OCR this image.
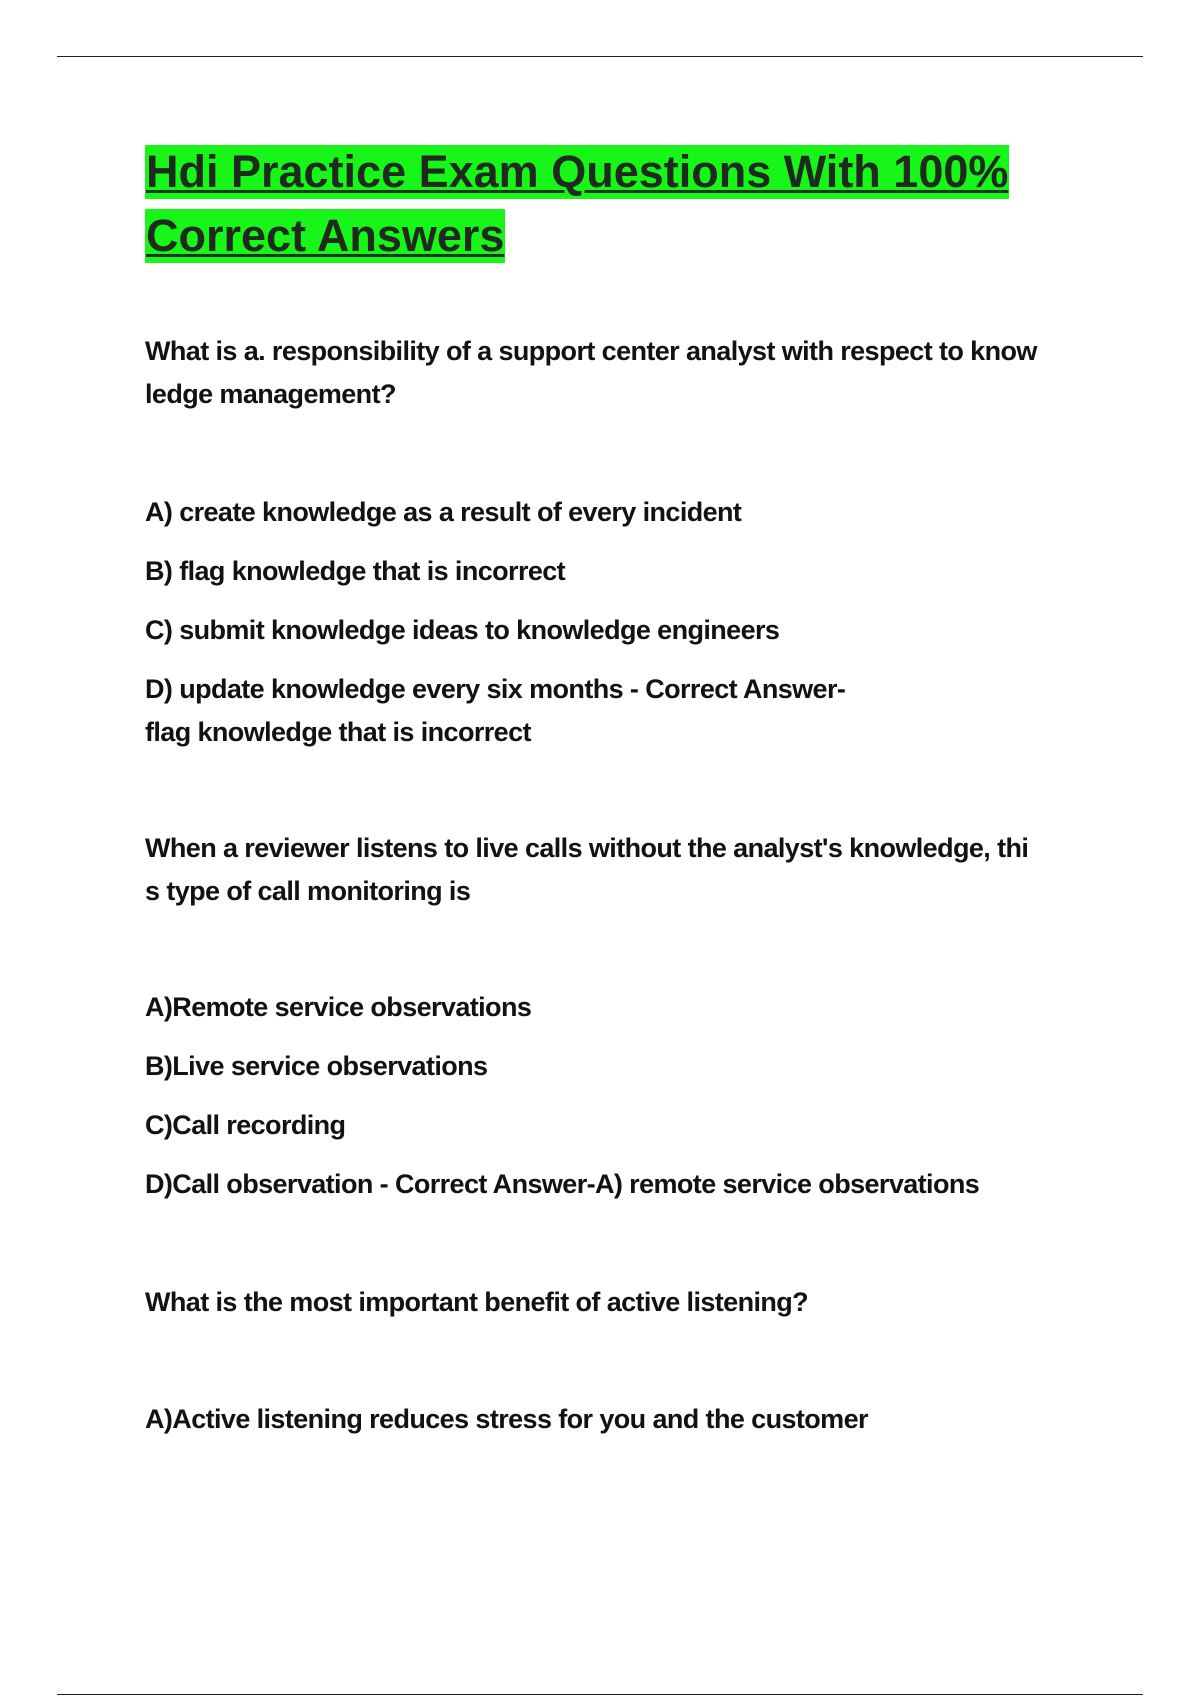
Hdi Practice Exam Questions With 100%
Correct Answers

What is a. responsibility of a support center analyst with respect to know
ledge management?

A) create knowledge as a result of every incident

B) flag knowledge that is incorrect

C) submit knowledge ideas to knowledge engineers

D) update knowledge every six months - Correct Answer-
flag knowledge that is incorrect

When a reviewer listens to live calls without the analyst's knowledge, thi
s type of call monitoring is

A)Remote service observations

B)Live service observations

C)Call recording

D)Call observation - Correct Answer-A) remote service observations

What is the most important benefit of active listening?

A)Active listening reduces stress for you and the customer
